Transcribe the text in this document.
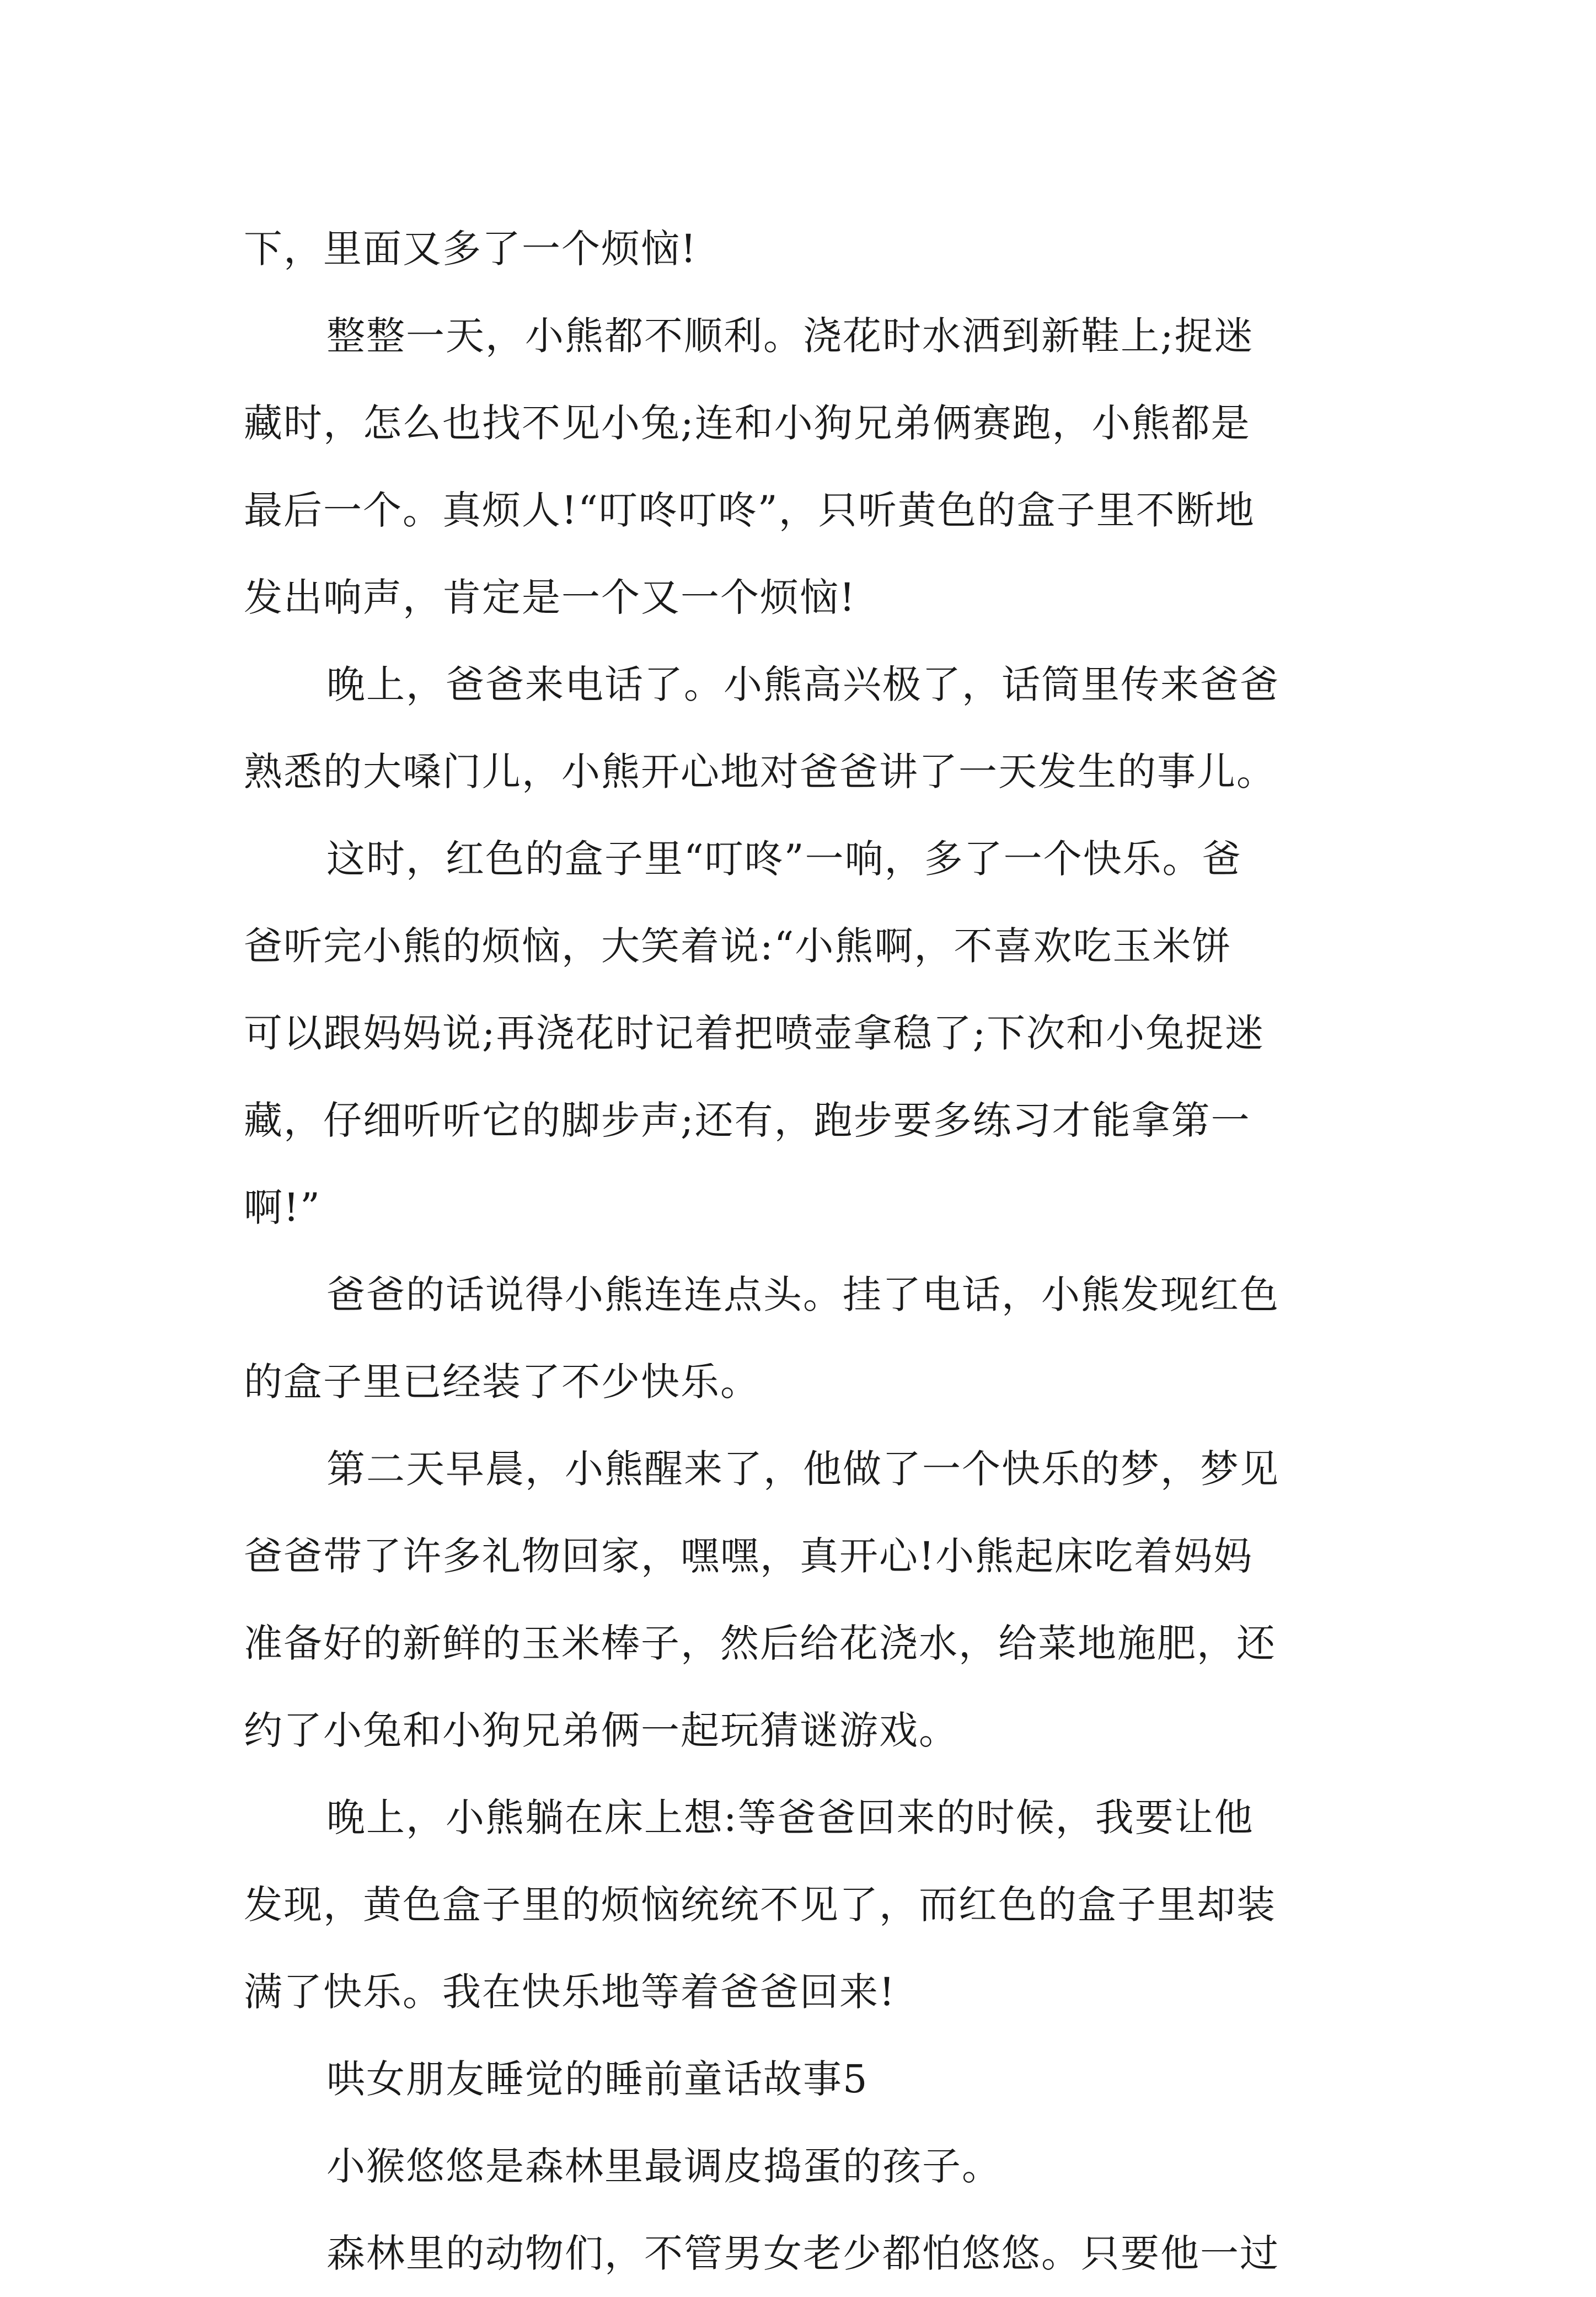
下，里面又多了一个烦恼!
整整一天，小熊都不顺利。浇花时水洒到新鞋上;捉迷
藏时，怎么也找不见小兔;连和小狗兄弟俩赛跑，小熊都是
最后一个。真烦人!“叮咚叮咚”，只听黄色的盒子里不断地
发出响声，肯定是一个又一个烦恼!
晚上，爸爸来电话了。小熊高兴极了，话筒里传来爸爸
熟悉的大嗓门儿，小熊开心地对爸爸讲了一天发生的事儿。
这时，红色的盒子里“叮咚”一响，多了一个快乐。爸
爸听完小熊的烦恼，大笑着说:“小熊啊，不喜欢吃玉米饼
可以跟妈妈说;再浇花时记着把喷壶拿稳了;下次和小兔捉迷
藏，仔细听听它的脚步声;还有，跑步要多练习才能拿第一
啊!”
爸爸的话说得小熊连连点头。挂了电话，小熊发现红色
的盒子里已经装了不少快乐。
第二天早晨，小熊醒来了，他做了一个快乐的梦，梦见
爸爸带了许多礼物回家，嘿嘿，真开心!小熊起床吃着妈妈
准备好的新鲜的玉米棒子，然后给花浇水，给菜地施肥，还
约了小兔和小狗兄弟俩一起玩猜谜游戏。
晚上，小熊躺在床上想:等爸爸回来的时候，我要让他
发现，黄色盒子里的烦恼统统不见了，而红色的盒子里却装
满了快乐。我在快乐地等着爸爸回来!
哄女朋友睡觉的睡前童话故事5
小猴悠悠是森林里最调皮捣蛋的孩子。
森林里的动物们，不管男女老少都怕悠悠。只要他一过
